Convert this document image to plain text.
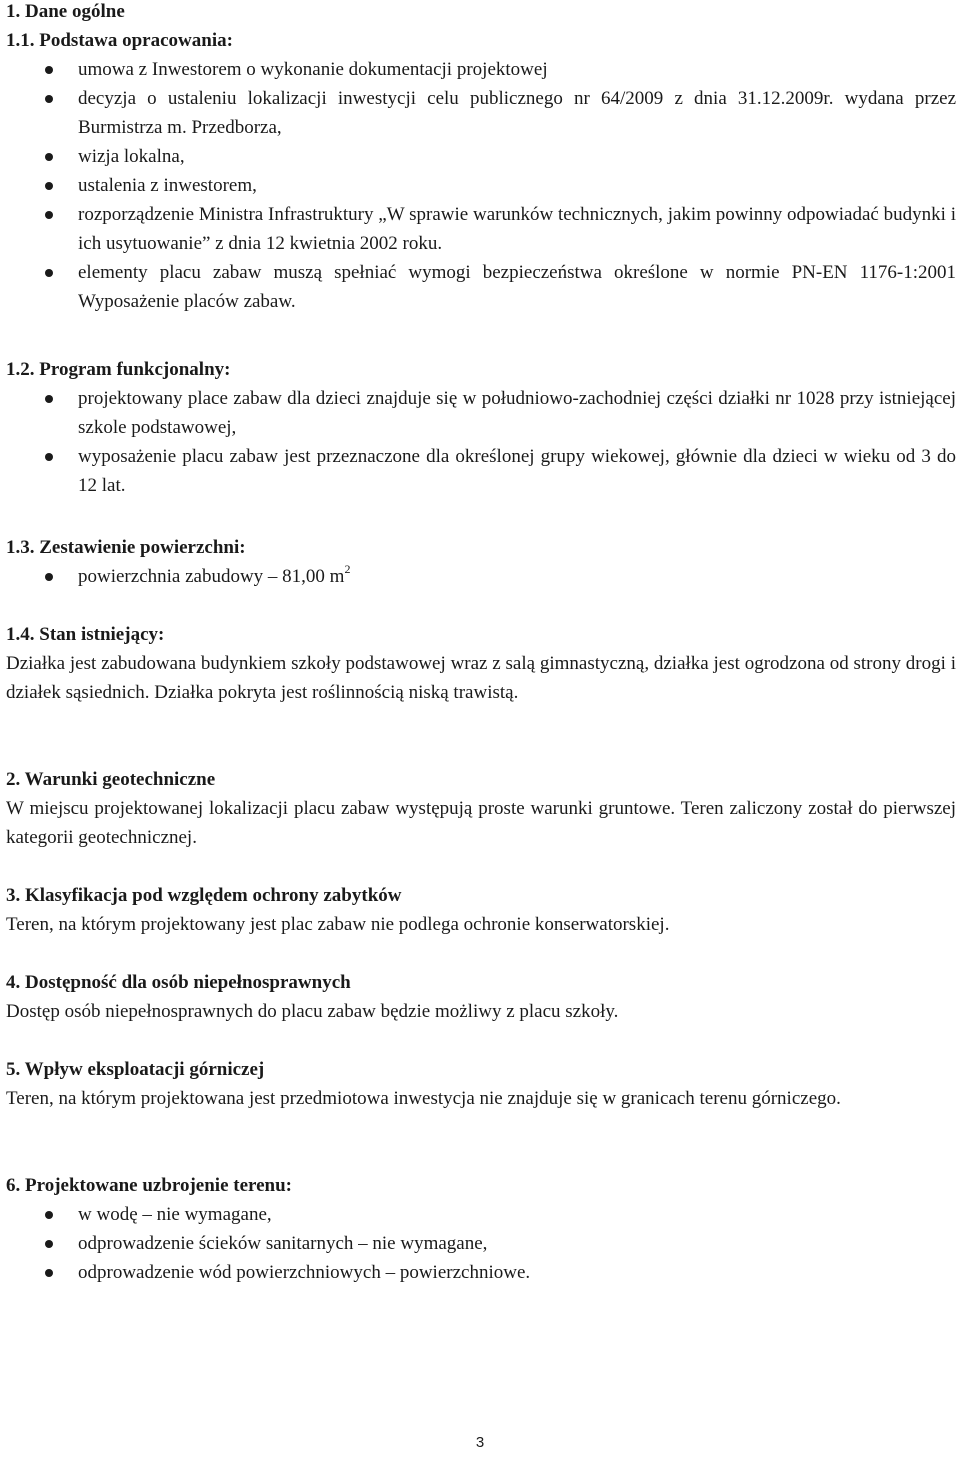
1. Dane ogólne

1.1. Podstawa opracowania:

umowa z Inwestorem o wykonanie dokumentacji projektowej
decyzja o ustaleniu lokalizacji inwestycji celu publicznego nr 64/2009 z dnia 31.12.2009r. wydana przez Burmistrza m. Przedborza,
wizja lokalna,
ustalenia z inwestorem,
rozporządzenie Ministra Infrastruktury „W sprawie warunków technicznych, jakim powinny odpowiadać budynki i ich usytuowanie” z dnia 12 kwietnia 2002 roku.
elementy placu zabaw muszą spełniać wymogi bezpieczeństwa określone w normie PN-EN 1176-1:2001 Wyposażenie placów zabaw.

1.2. Program funkcjonalny:

projektowany place zabaw dla dzieci znajduje się w południowo-zachodniej części działki nr 1028 przy istniejącej szkole podstawowej,
wyposażenie placu zabaw jest przeznaczone dla określonej grupy wiekowej, głównie dla dzieci w wieku od 3 do 12 lat.

1.3. Zestawienie powierzchni:

powierzchnia zabudowy – 81,00 $m^2$

1.4. Stan istniejący:

Działka jest zabudowana budynkiem szkoły podstawowej wraz z salą gimnastyczną, działka jest ogrodzona od strony drogi i działek sąsiednich. Działka pokryta jest roślinnością niską trawistą.

2. Warunki geotechniczne

W miejscu projektowanej lokalizacji placu zabaw występują proste warunki gruntowe. Teren zaliczony został do pierwszej kategorii geotechnicznej.

3. Klasyfikacja pod względem ochrony zabytków

Teren, na którym projektowany jest plac zabaw nie podlega ochronie konserwatorskiej.

4. Dostępność dla osób niepełnosprawnych

Dostęp osób niepełnosprawnych do placu zabaw będzie możliwy z placu szkoły.

5. Wpływ eksploatacji górniczej

Teren, na którym projektowana jest przedmiotowa inwestycja nie znajduje się w granicach terenu górniczego.

6. Projektowane uzbrojenie terenu:

w wodę – nie wymagane,
odprowadzenie ścieków sanitarnych – nie wymagane,
odprowadzenie wód powierzchniowych – powierzchniowe.
3
